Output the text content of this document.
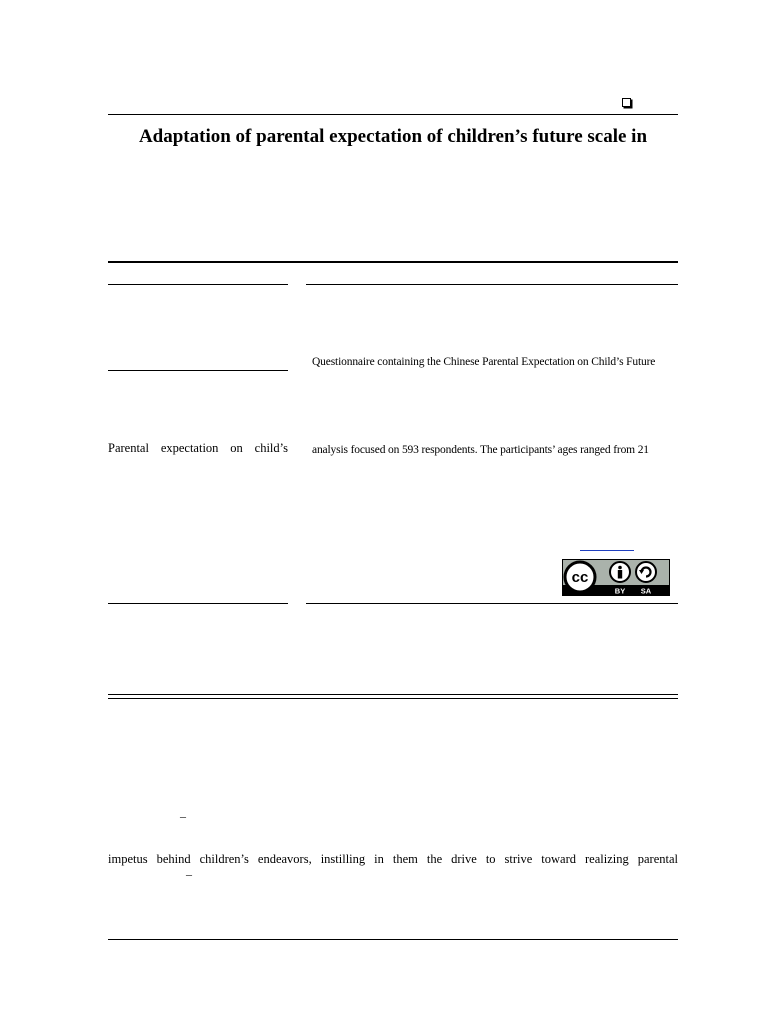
Adaptation of parental expectation of children’s future scale in
Parental expectation on child’s
Questionnaire containing the Chinese Parental Expectation on Child’s Future
analysis focused on 593 respondents. The participants’ ages ranged from 21
cc
BY SA
–
impetus behind children’s endeavors, instilling in them the drive to strive toward realizing parental
–
